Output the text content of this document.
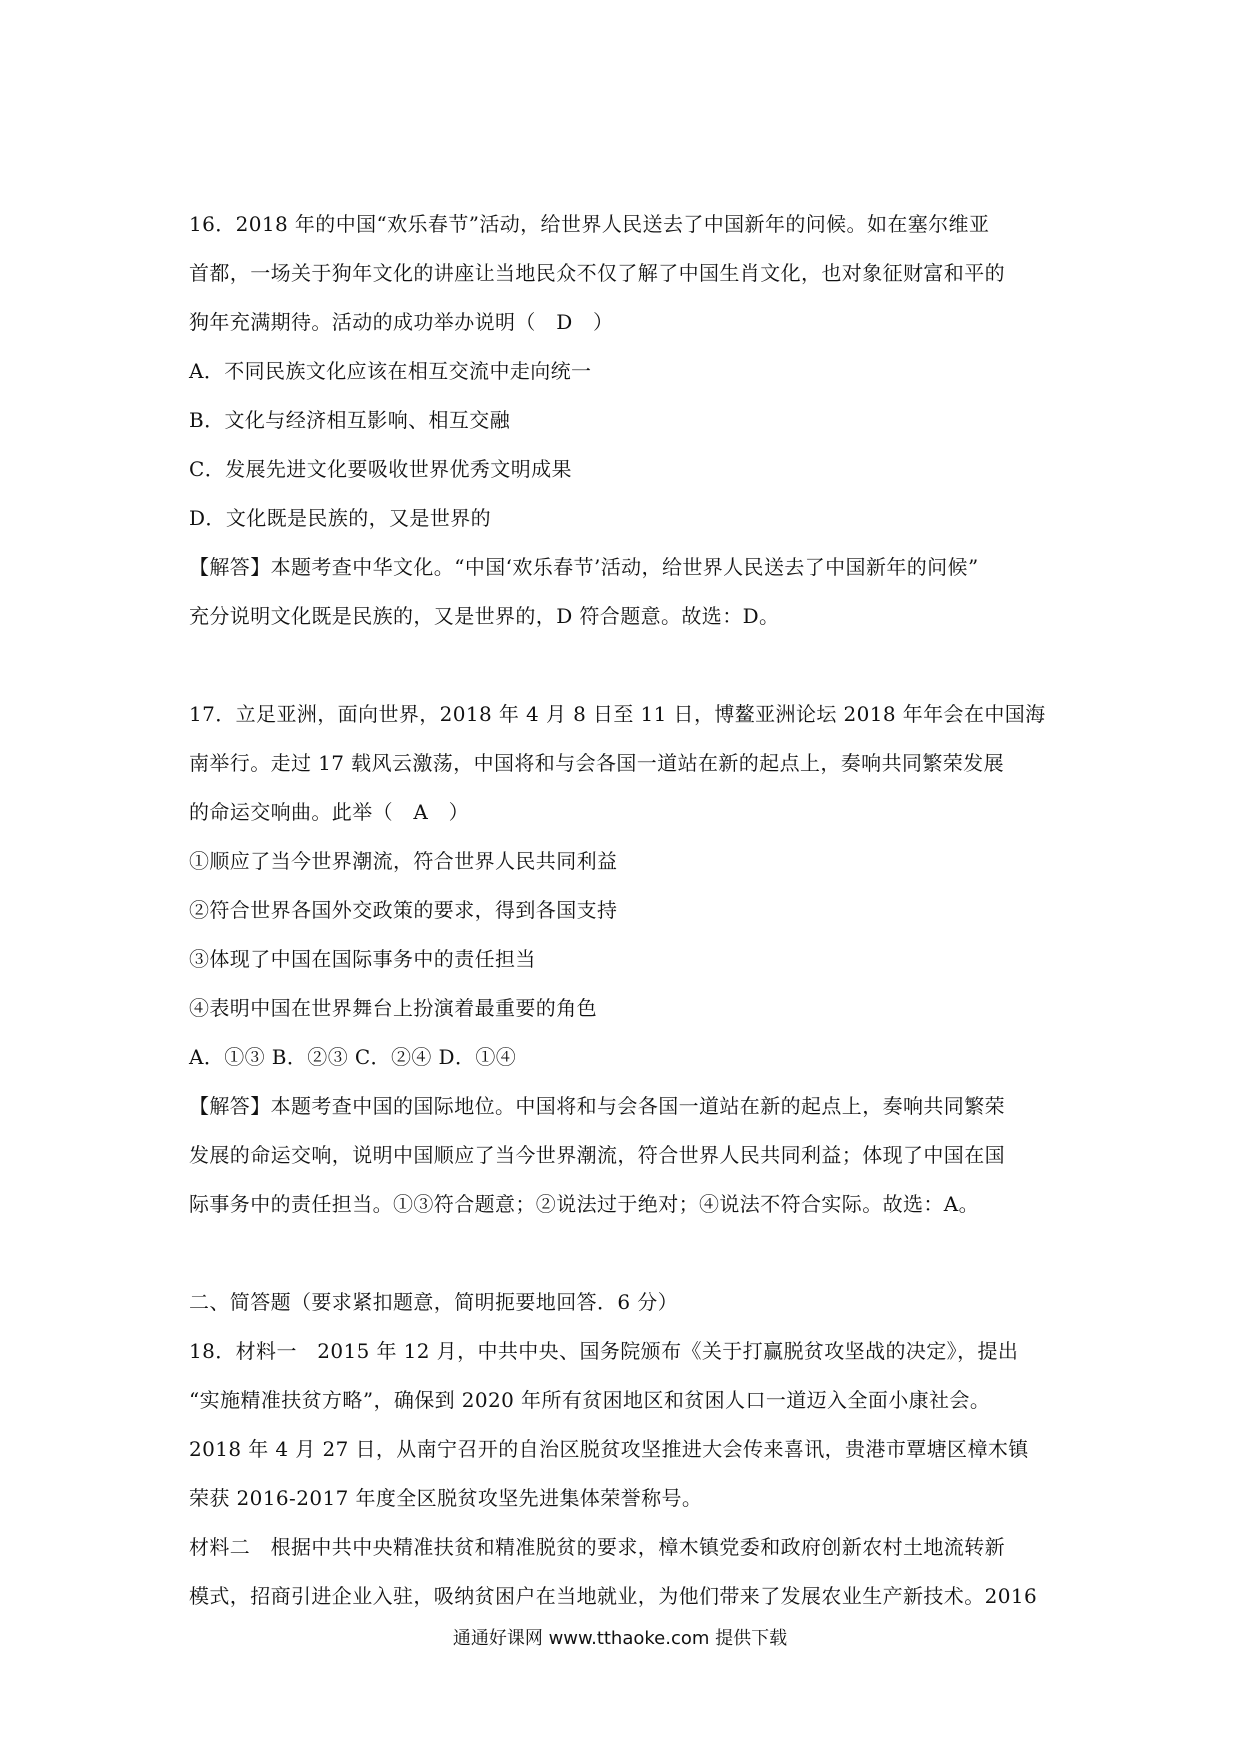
16．2018 年的中国“欢乐春节”活动，给世界人民送去了中国新年的问候。如在塞尔维亚
首都，一场关于狗年文化的讲座让当地民众不仅了解了中国生肖文化，也对象征财富和平的
狗年充满期待。活动的成功举办说明（　D　）
A．不同民族文化应该在相互交流中走向统一
B．文化与经济相互影响、相互交融
C．发展先进文化要吸收世界优秀文明成果
D．文化既是民族的，又是世界的
【解答】本题考查中华文化。“中国‘欢乐春节’活动，给世界人民送去了中国新年的问候”
充分说明文化既是民族的，又是世界的，D 符合题意。故选：D。
17．立足亚洲，面向世界，2018 年 4 月 8 日至 11 日，博鳌亚洲论坛 2018 年年会在中国海
南举行。走过 17 载风云激荡，中国将和与会各国一道站在新的起点上，奏响共同繁荣发展
的命运交响曲。此举（　A　）
①顺应了当今世界潮流，符合世界人民共同利益
②符合世界各国外交政策的要求，得到各国支持
③体现了中国在国际事务中的责任担当
④表明中国在世界舞台上扮演着最重要的角色
A．①③ B．②③ C．②④ D．①④
【解答】本题考查中国的国际地位。中国将和与会各国一道站在新的起点上，奏响共同繁荣
发展的命运交响，说明中国顺应了当今世界潮流，符合世界人民共同利益；体现了中国在国
际事务中的责任担当。①③符合题意；②说法过于绝对；④说法不符合实际。故选：A。
二、简答题（要求紧扣题意，简明扼要地回答．6 分）
18．材料一　2015 年 12 月，中共中央、国务院颁布《关于打赢脱贫攻坚战的决定》，提出
“实施精准扶贫方略”，确保到 2020 年所有贫困地区和贫困人口一道迈入全面小康社会。
2018 年 4 月 27 日，从南宁召开的自治区脱贫攻坚推进大会传来喜讯，贵港市覃塘区樟木镇
荣获 2016-2017 年度全区脱贫攻坚先进集体荣誉称号。
材料二　根据中共中央精准扶贫和精准脱贫的要求，樟木镇党委和政府创新农村土地流转新
模式，招商引进企业入驻，吸纳贫困户在当地就业，为他们带来了发展农业生产新技术。2016
通通好课网 www.tthaoke.com 提供下载
